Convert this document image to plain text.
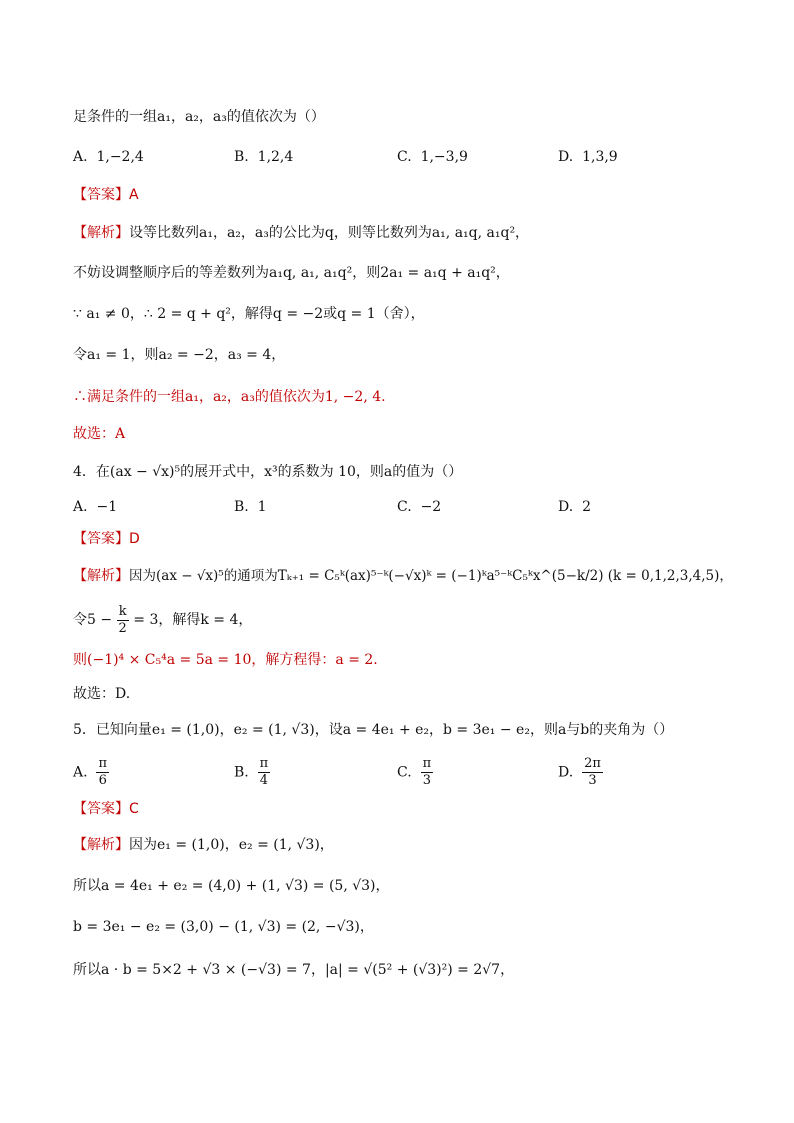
足条件的一组a₁，a₂，a₃的值依次为（）
A. 1,−2,4	B. 1,2,4	C. 1,−3,9	D. 1,3,9
【答案】A
【解析】设等比数列a₁，a₂，a₃的公比为q，则等比数列为a₁, a₁q, a₁q²，
不妨设调整顺序后的等差数列为a₁q, a₁, a₁q²，则2a₁ = a₁q + a₁q²，
∵ a₁ ≠ 0，∴ 2 = q + q²，解得q = −2或q = 1（舍），
令a₁ = 1，则a₂ = −2，a₃ = 4，
∴满足条件的一组a₁，a₂，a₃的值依次为1, −2, 4.
故选：A
4．在(ax − √x)⁵的展开式中，x³的系数为 10，则a的值为（）
A. −1	B. 1	C. −2	D. 2
【答案】D
【解析】因为(ax − √x)⁵的通项为Tₖ₊₁ = C₅ᵏ(ax)⁵⁻ᵏ(−√x)ᵏ = (−1)ᵏa⁵⁻ᵏC₅ᵏx^(5−k/2) (k = 0,1,2,3,4,5)，
令$5 - \frac{k}{2} = 3$，解得k = 4，
则(−1)⁴ × C₅⁴a = 5a = 10，解方程得：a = 2.
故选：D.
5．已知向量e₁ = (1,0)，e₂ = (1, √3)，设a = 4e₁ + e₂，b = 3e₁ − e₂，则a与b的夹角为（）
A. $\frac{\pi}{6}$	B. $\frac{\pi}{4}$	C. $\frac{\pi}{3}$	D. $\frac{2\pi}{3}$
【答案】C
【解析】因为e₁ = (1,0)，e₂ = (1, √3)，
所以a = 4e₁ + e₂ = (4,0) + (1, √3) = (5, √3)，
b = 3e₁ − e₂ = (3,0) − (1, √3) = (2, −√3)，
所以a · b = 5×2 + √3 × (−√3) = 7，|a| = √(5² + (√3)²) = 2√7，
